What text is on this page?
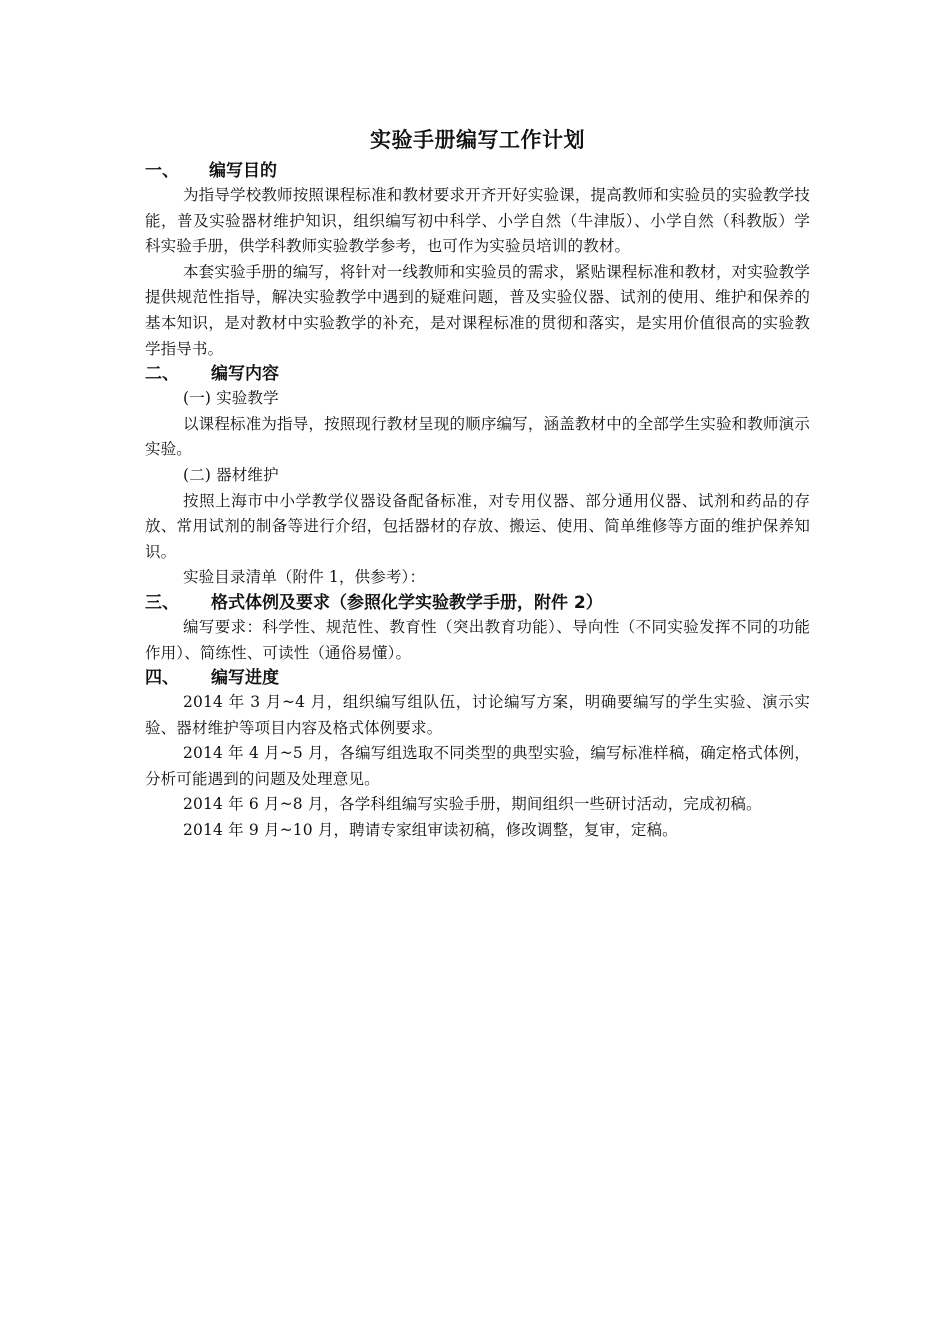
实验手册编写工作计划
一、 编写目的

为指导学校教师按照课程标准和教材要求开齐开好实验课，提高教师和实验员的实验教学技能，普及实验器材维护知识，组织编写初中科学、小学自然（牛津版）、小学自然（科教版）学科实验手册，供学科教师实验教学参考，也可作为实验员培训的教材。

本套实验手册的编写，将针对一线教师和实验员的需求，紧贴课程标准和教材，对实验教学提供规范性指导，解决实验教学中遇到的疑难问题，普及实验仪器、试剂的使用、维护和保养的基本知识，是对教材中实验教学的补充，是对课程标准的贯彻和落实，是实用价值很高的实验教学指导书。

二、 编写内容

(一) 实验教学

以课程标准为指导，按照现行教材呈现的顺序编写，涵盖教材中的全部学生实验和教师演示实验。

(二) 器材维护

按照上海市中小学教学仪器设备配备标准，对专用仪器、部分通用仪器、试剂和药品的存放、常用试剂的制备等进行介绍，包括器材的存放、搬运、使用、简单维修等方面的维护保养知识。

实验目录清单（附件 1，供参考）：

三、 格式体例及要求（参照化学实验教学手册，附件 2）

编写要求：科学性、规范性、教育性（突出教育功能）、导向性（不同实验发挥不同的功能作用）、简练性、可读性（通俗易懂）。

四、 编写进度

2014 年 3 月~4 月，组织编写组队伍，讨论编写方案，明确要编写的学生实验、演示实验、器材维护等项目内容及格式体例要求。

2014 年 4 月~5 月，各编写组选取不同类型的典型实验，编写标准样稿，确定格式体例，分析可能遇到的问题及处理意见。

2014 年 6 月~8 月，各学科组编写实验手册，期间组织一些研讨活动，完成初稿。

2014 年 9 月~10 月，聘请专家组审读初稿，修改调整，复审，定稿。
